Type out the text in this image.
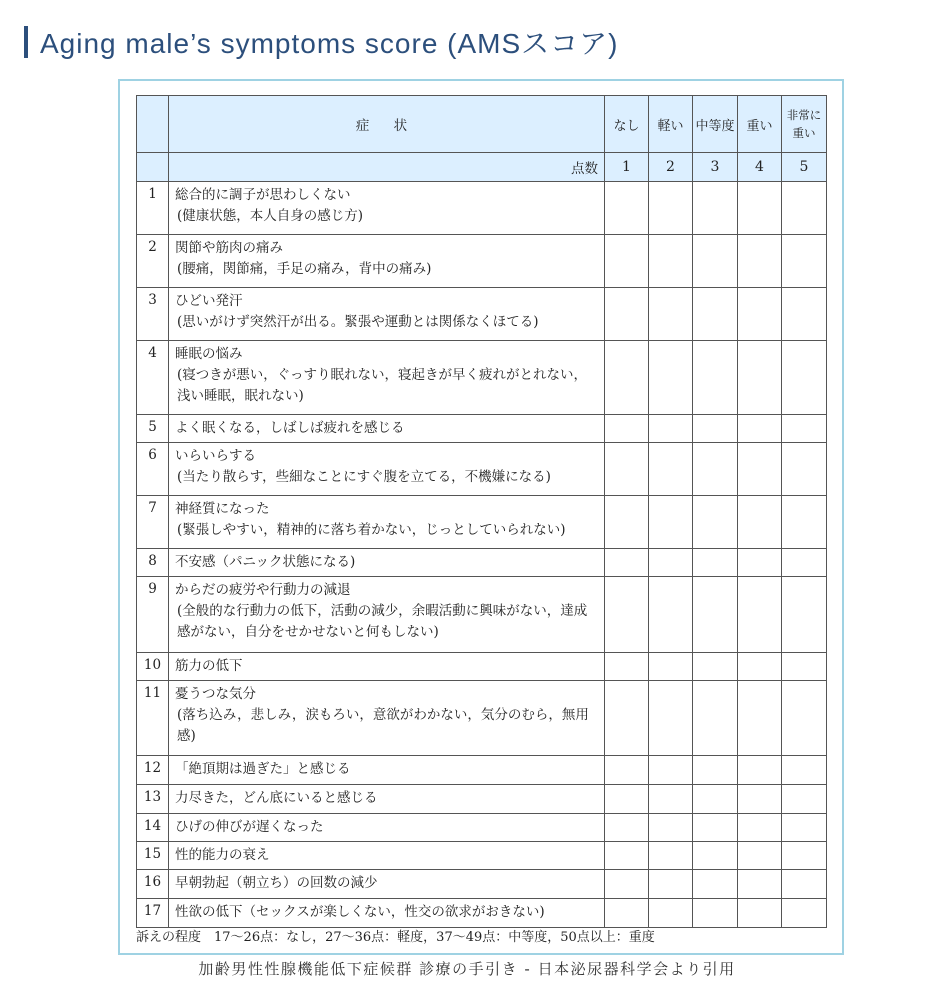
Aging male’s symptoms score (AMSスコア)
	症 状	なし	軽い	中等度	重い	非常に重い
	点数	1	2	3	4	5
1	総合的に調子が思わしくない
(健康状態，本人自身の感じ方)					

2	関節や筋肉の痛み
(腰痛，関節痛，手足の痛み，背中の痛み)					

3	ひどい発汗
(思いがけず突然汗が出る。緊張や運動とは関係なくほてる)					

4	睡眠の悩み
(寝つきが悪い，ぐっすり眠れない，寝起きが早く疲れがとれない，浅い睡眠，眠れない)					

5	よく眠くなる，しばしば疲れを感じる					
6	いらいらする
(当たり散らす，些細なことにすぐ腹を立てる，不機嫌になる)					

7	神経質になった
(緊張しやすい，精神的に落ち着かない，じっとしていられない)					

8	不安感（パニック状態になる)					
9	からだの疲労や行動力の減退
(全般的な行動力の低下，活動の減少，余暇活動に興味がない，達成感がない，自分をせかせないと何もしない)					

10	筋力の低下					
11	憂うつな気分
(落ち込み，悲しみ，涙もろい，意欲がわかない，気分のむら，無用感)					

12	「絶頂期は過ぎた」と感じる					
13	力尽きた，どん底にいると感じる					
14	ひげの伸びが遅くなった					
15	性的能力の衰え					
16	早朝勃起（朝立ち）の回数の減少					
17	性欲の低下（セックスが楽しくない，性交の欲求がおきない)					
訴えの程度　17〜26点：なし，27〜36点：軽度，37〜49点：中等度，50点以上：重度
加齢男性性腺機能低下症候群 診療の手引き - 日本泌尿器科学会より引用
